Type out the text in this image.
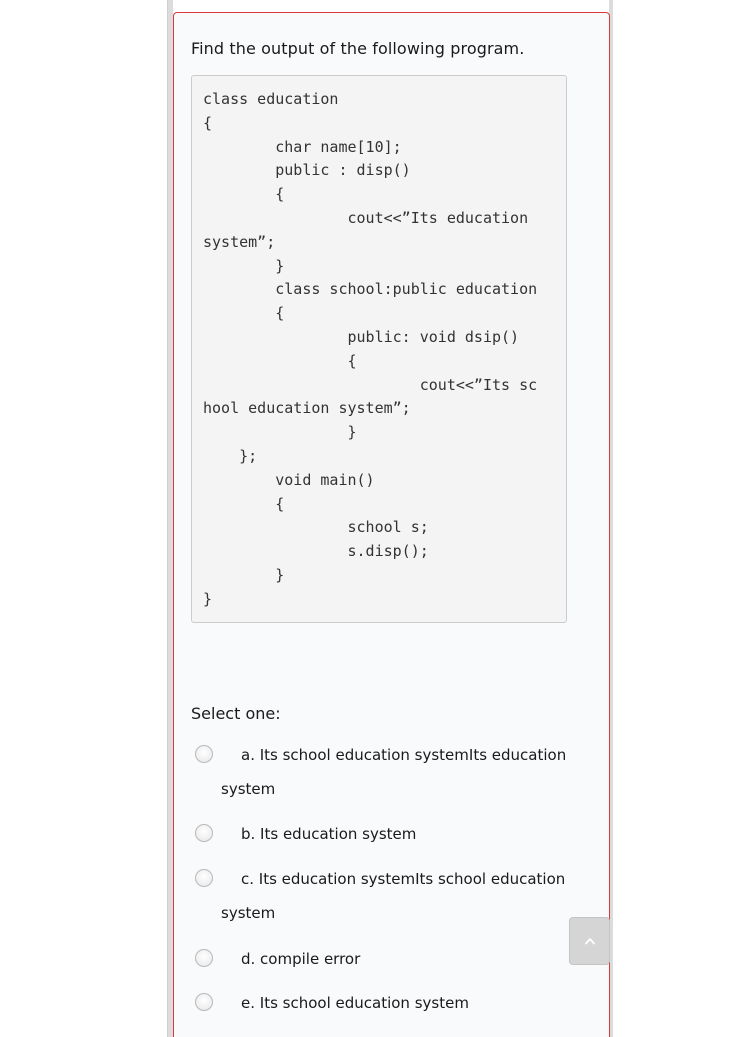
Find the output of the following program.
class education
{
	char name[10];
	public : disp()
	{
		cout<<”Its education
system”;
	}
	class school:public education
	{
		public: void dsip()
		{
			cout<<”Its sc
hool education system”;
		}
};
	void main()
	{
		school s;
		s.disp();
	}
}
Select one:
a. Its school education systemIts education
system
b. Its education system
c. Its education systemIts school education
system
d. compile error
e. Its school education system
